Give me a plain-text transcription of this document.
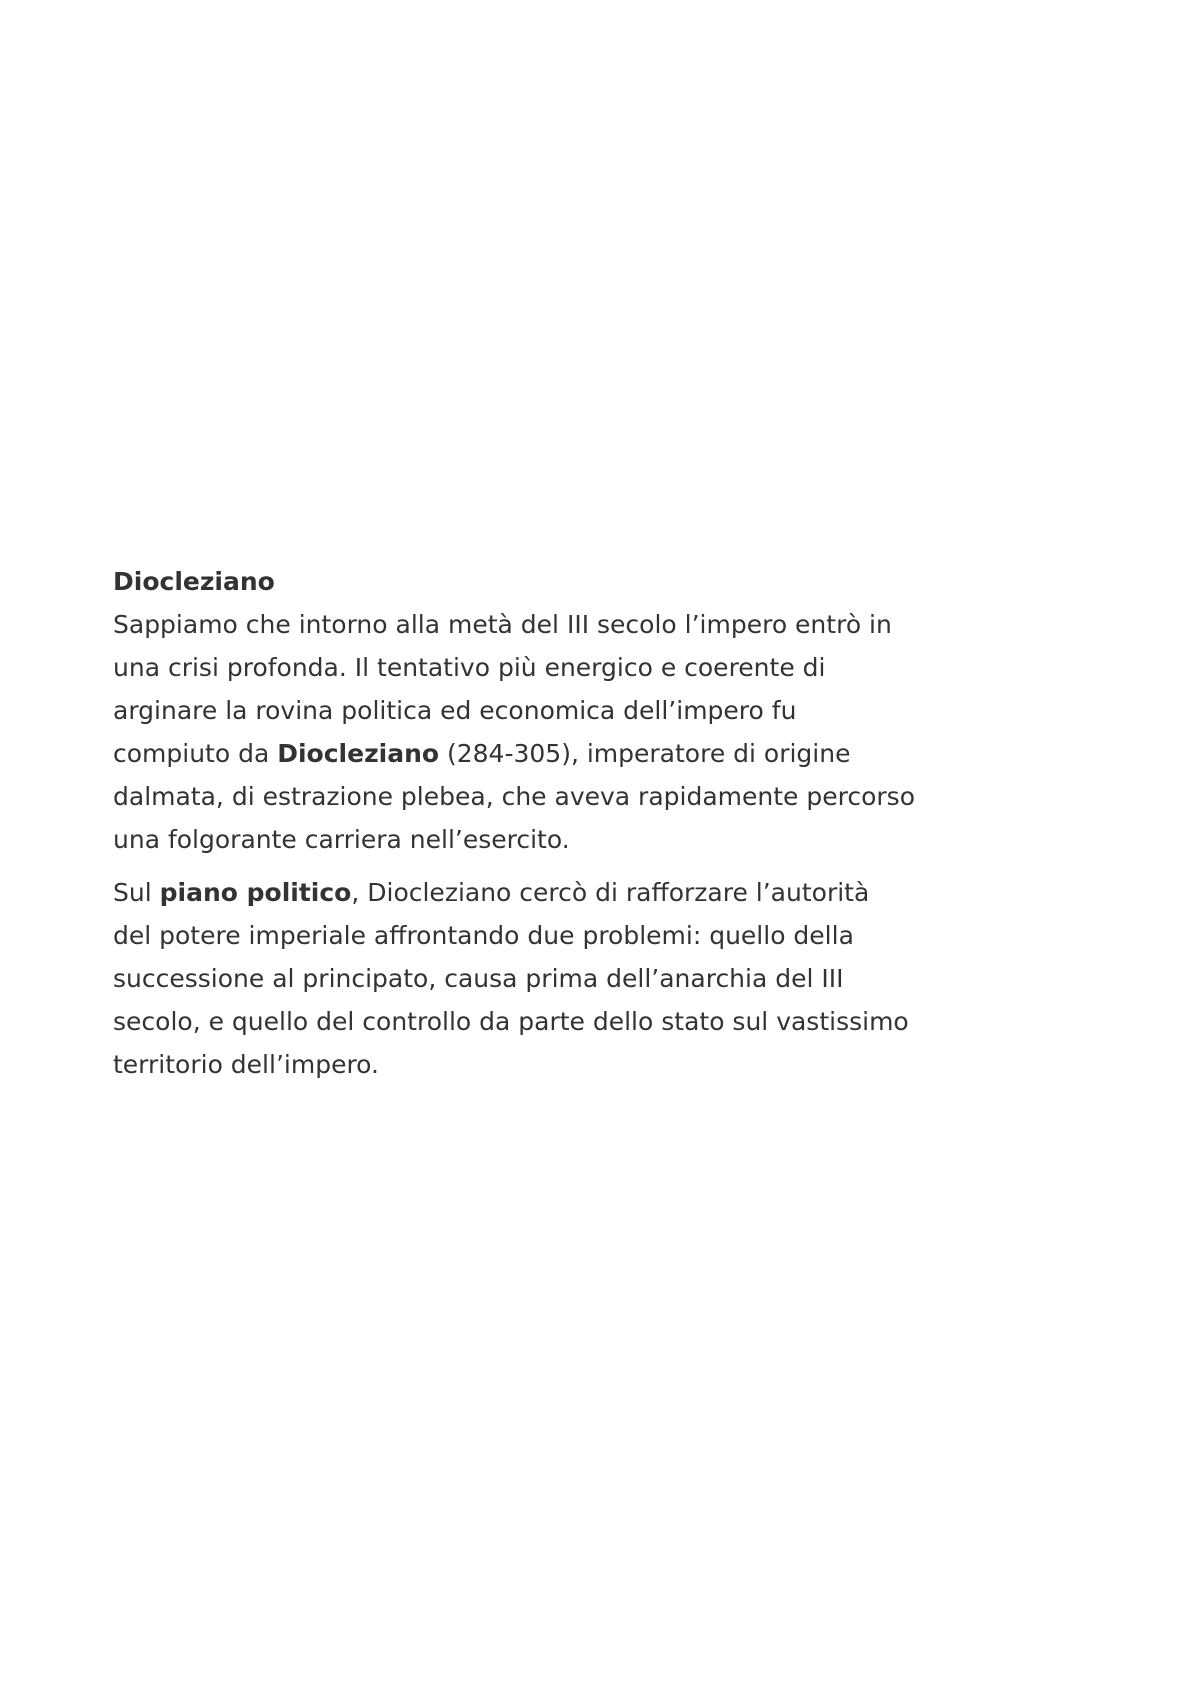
Diocleziano

Sappiamo che intorno alla metà del III secolo l’impero entrò in
una crisi profonda. Il tentativo più energico e coerente di
arginare la rovina politica ed economica dell’impero fu
compiuto da Diocleziano (284-305), imperatore di origine
dalmata, di estrazione plebea, che aveva rapidamente percorso
una folgorante carriera nell’esercito.

Sul piano politico, Diocleziano cercò di rafforzare l’autorità
del potere imperiale affrontando due problemi: quello della
successione al principato, causa prima dell’anarchia del III
secolo, e quello del controllo da parte dello stato sul vastissimo
territorio dell’impero.
